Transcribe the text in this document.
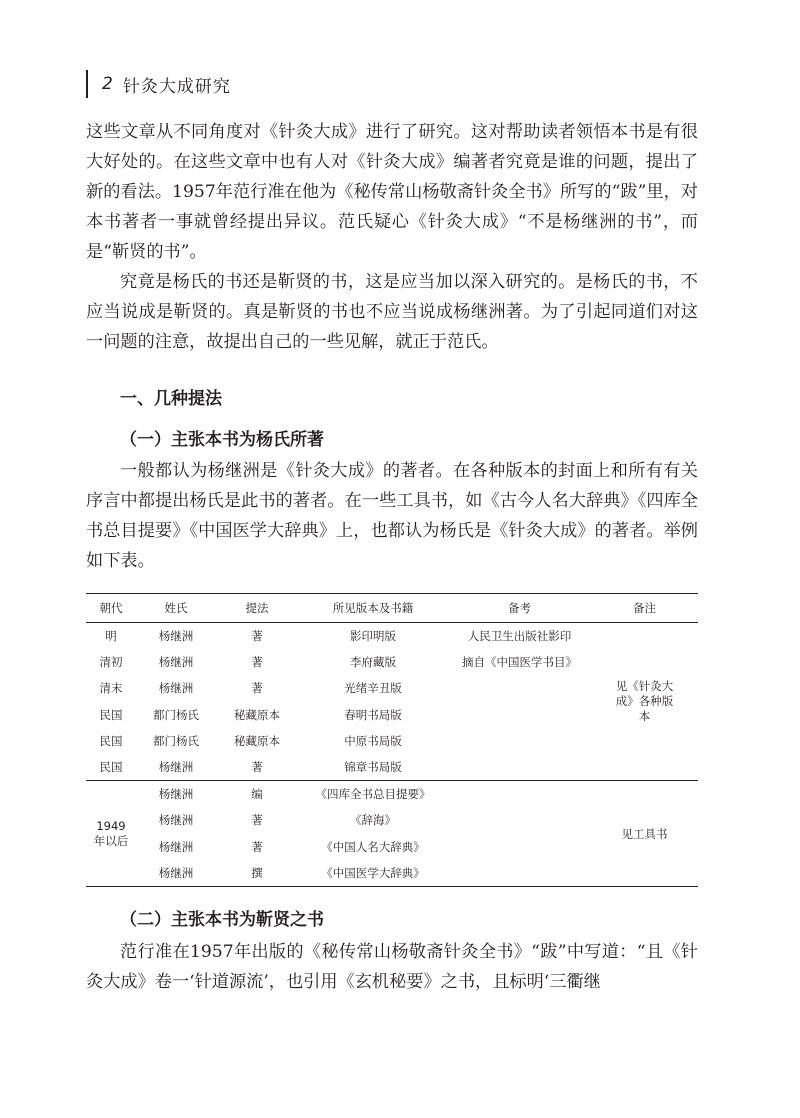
2 针灸大成研究

这些文章从不同角度对《针灸大成》进行了研究。这对帮助读者领悟本书是有很大好处的。在这些文章中也有人对《针灸大成》编著者究竟是谁的问题，提出了新的看法。1957年范行准在他为《秘传常山杨敬斋针灸全书》所写的“跋”里，对本书著者一事就曾经提出异议。范氏疑心《针灸大成》“不是杨继洲的书”，而是“靳贤的书”。

究竟是杨氏的书还是靳贤的书，这是应当加以深入研究的。是杨氏的书，不应当说成是靳贤的。真是靳贤的书也不应当说成杨继洲著。为了引起同道们对这一问题的注意，故提出自己的一些见解，就正于范氏。

一、几种提法
（一）主张本书为杨氏所著

一般都认为杨继洲是《针灸大成》的著者。在各种版本的封面上和所有有关序言中都提出杨氏是此书的著者。在一些工具书，如《古今人名大辞典》《四库全书总目提要》《中国医学大辞典》上，也都认为杨氏是《针灸大成》的著者。举例如下表。

朝代	姓氏	提法	所见版本及书籍	备考	备注
明	杨继洲	著	影印明版	人民卫生出版社影印	见《针灸大成》各种版本

清初	杨继洲	著	李府藏版	摘自《中国医学书目》	
清末	杨继洲	著	光绪辛丑版		
民国	都门杨氏	秘藏原本	春明书局版		
民国	都门杨氏	秘藏原本	中原书局版		
民国	杨继洲	著	锦章书局版		

1949年以后	杨继洲	编	《四库全书总目提要》		见工具书
	杨继洲	著	《辞海》		
	杨继洲	著	《中国人名大辞典》		
	杨继洲	撰	《中国医学大辞典》		
（二）主张本书为靳贤之书

范行准在1957年出版的《秘传常山杨敬斋针灸全书》“跋”中写道：“且《针灸大成》卷一‘针道源流’，也引用《玄机秘要》之书，且标明‘三衢继
